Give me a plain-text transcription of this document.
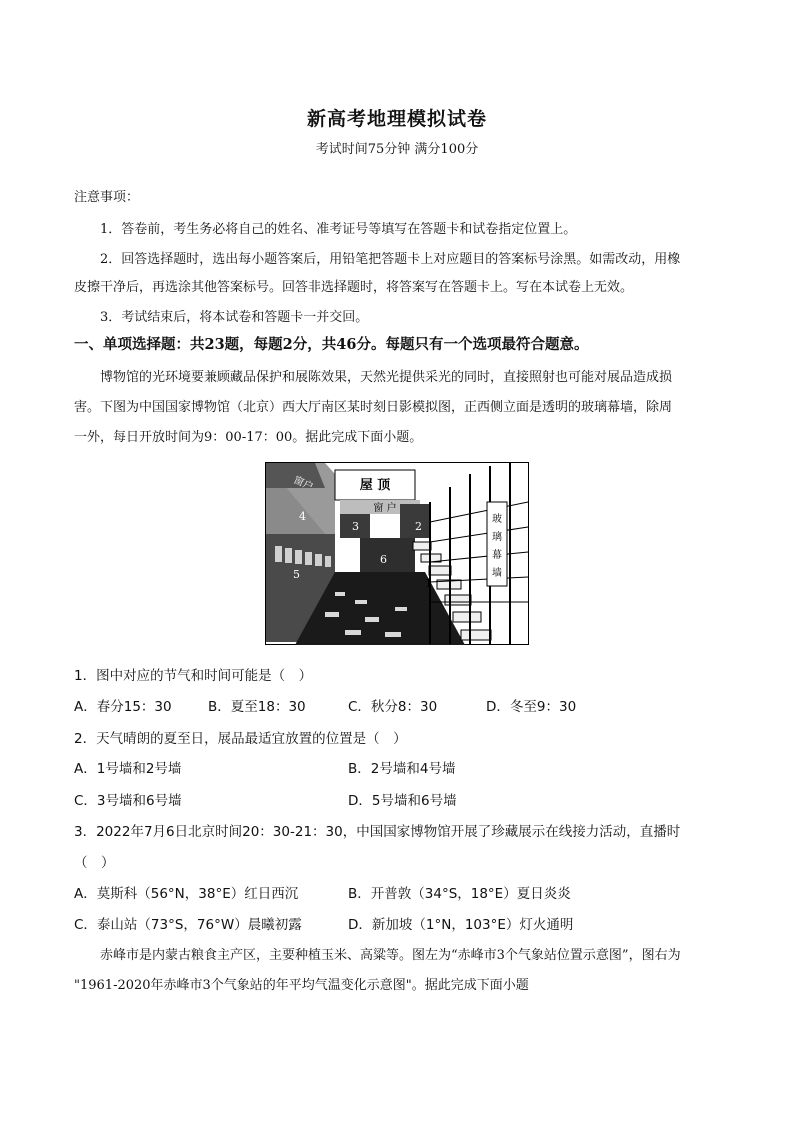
新高考地理模拟试卷
考试时间75分钟 满分100分
注意事项：
1．答卷前，考生务必将自己的姓名、准考证号等填写在答题卡和试卷指定位置上。
2．回答选择题时，选出每小题答案后，用铅笔把答题卡上对应题目的答案标号涂黑。如需改动，用橡
皮擦干净后，再选涂其他答案标号。回答非选择题时，将答案写在答题卡上。写在本试卷上无效。
3．考试结束后，将本试卷和答题卡一并交回。
一、单项选择题：共23题，每题2分，共46分。每题只有一个选项最符合题意。
博物馆的光环境要兼顾藏品保护和展陈效果，天然光提供采光的同时，直接照射也可能对展品造成损
害。下图为中国国家博物馆（北京）西大厅南区某时刻日影模拟图，正西侧立面是透明的玻璃幕墙，除周
一外，每日开放时间为9：00-17：00。据此完成下面小题。
屋 顶
窗 户
窗户
玻
璃
幕
墙
1
2
3
4
5
6
1．图中对应的节气和时间可能是（　）
A．春分15：30	B．夏至18：30	C．秋分8：30	D．冬至9：30
2．天气晴朗的夏至日，展品最适宜放置的位置是（　）
A．1号墙和2号墙	B．2号墙和4号墙
C．3号墙和6号墙	D．5号墙和6号墙
3．2022年7月6日北京时间20：30-21：30，中国国家博物馆开展了珍藏展示在线接力活动，直播时
（　）
A．莫斯科（56°N，38°E）红日西沉	B．开普敦（34°S，18°E）夏日炎炎
C．泰山站（73°S，76°W）晨曦初露	D．新加坡（1°N，103°E）灯火通明
赤峰市是内蒙古粮食主产区，主要种植玉米、高粱等。图左为“赤峰市3个气象站位置示意图”，图右为
"1961-2020年赤峰市3个气象站的年平均气温变化示意图"。据此完成下面小题
